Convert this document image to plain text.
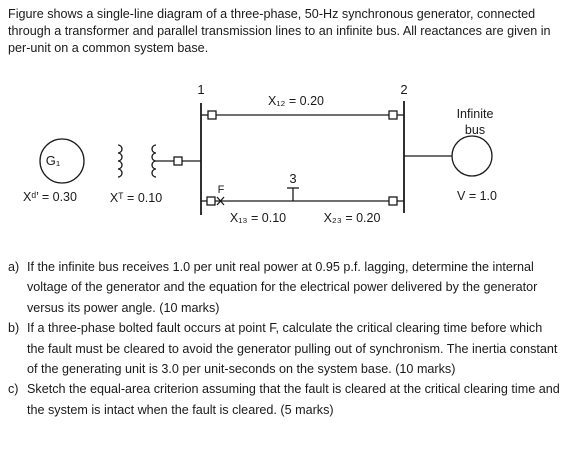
Figure shows a single-line diagram of a three-phase, 50-Hz synchronous generator, connected through a transformer and parallel transmission lines to an infinite bus. All reactances are given in per-unit on a common system base.

1	2
3
X₁₂ = 0.20
X₁₃ = 0.10	X₂₃ = 0.20
G₁
Xᵈ’ = 0.30	Xᵀ = 0.10
F
Infinite
bus
V = 1.0
a) If the infinite bus receives 1.0 per unit real power at 0.95 p.f. lagging, determine the internal voltage of the generator and the equation for the electrical power delivered by the generator versus its power angle. (10 marks)
b) If a three-phase bolted fault occurs at point F, calculate the critical clearing time before which the fault must be cleared to avoid the generator pulling out of synchronism. The inertia constant of the generating unit is 3.0 per unit-seconds on the system base. (10 marks)
c) Sketch the equal-area criterion assuming that the fault is cleared at the critical clearing time and the system is intact when the fault is cleared. (5 marks)
